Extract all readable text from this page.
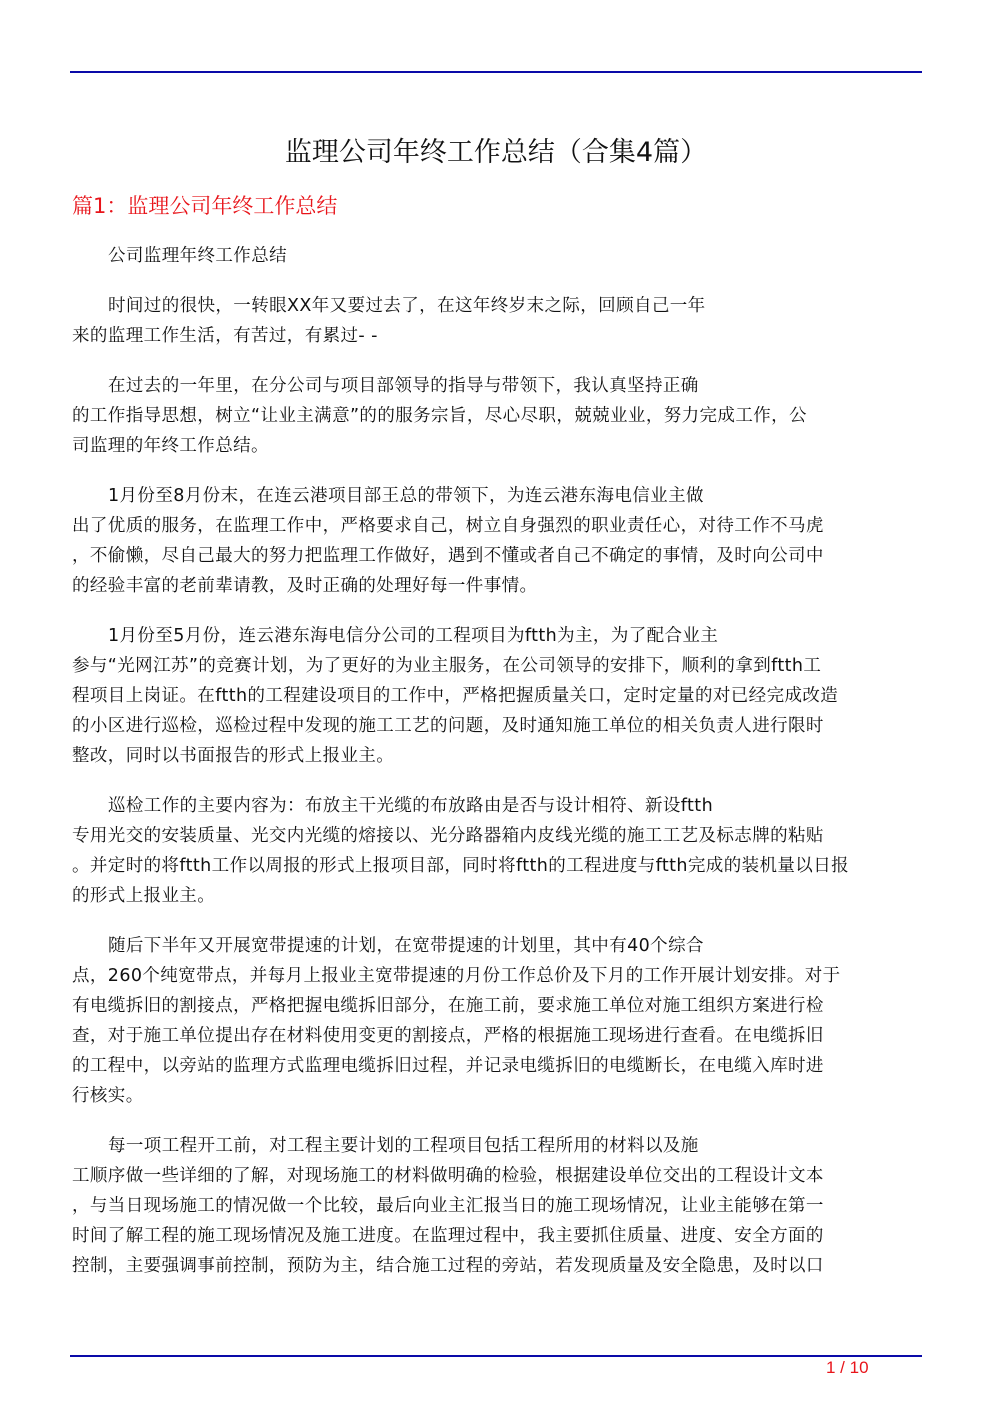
监理公司年终工作总结（合集4篇）
篇1：监理公司年终工作总结
公司监理年终工作总结
时间过的很快，一转眼XX年又要过去了，在这年终岁末之际，回顾自己一年
来的监理工作生活，有苦过，有累过- -
在过去的一年里，在分公司与项目部领导的指导与带领下，我认真坚持正确
的工作指导思想，树立“让业主满意”的的服务宗旨，尽心尽职，兢兢业业，努力完成工作，公
司监理的年终工作总结。
1月份至8月份末，在连云港项目部王总的带领下，为连云港东海电信业主做
出了优质的服务，在监理工作中，严格要求自己，树立自身强烈的职业责任心，对待工作不马虎
，不偷懒，尽自己最大的努力把监理工作做好，遇到不懂或者自己不确定的事情，及时向公司中
的经验丰富的老前辈请教，及时正确的处理好每一件事情。
1月份至5月份，连云港东海电信分公司的工程项目为ftth为主，为了配合业主
参与“光网江苏”的竞赛计划，为了更好的为业主服务，在公司领导的安排下，顺利的拿到ftth工
程项目上岗证。在ftth的工程建设项目的工作中，严格把握质量关口，定时定量的对已经完成改造
的小区进行巡检，巡检过程中发现的施工工艺的问题，及时通知施工单位的相关负责人进行限时
整改，同时以书面报告的形式上报业主。
巡检工作的主要内容为：布放主干光缆的布放路由是否与设计相符、新设ftth
专用光交的安装质量、光交内光缆的熔接以、光分路器箱内皮线光缆的施工工艺及标志牌的粘贴
。并定时的将ftth工作以周报的形式上报项目部，同时将ftth的工程进度与ftth完成的装机量以日报
的形式上报业主。
随后下半年又开展宽带提速的计划，在宽带提速的计划里，其中有40个综合
点，260个纯宽带点，并每月上报业主宽带提速的月份工作总价及下月的工作开展计划安排。对于
有电缆拆旧的割接点，严格把握电缆拆旧部分，在施工前，要求施工单位对施工组织方案进行检
查，对于施工单位提出存在材料使用变更的割接点，严格的根据施工现场进行查看。在电缆拆旧
的工程中，以旁站的监理方式监理电缆拆旧过程，并记录电缆拆旧的电缆断长，在电缆入库时进
行核实。
每一项工程开工前，对工程主要计划的工程项目包括工程所用的材料以及施
工顺序做一些详细的了解，对现场施工的材料做明确的检验，根据建设单位交出的工程设计文本
，与当日现场施工的情况做一个比较，最后向业主汇报当日的施工现场情况，让业主能够在第一
时间了解工程的施工现场情况及施工进度。在监理过程中，我主要抓住质量、进度、安全方面的
控制，主要强调事前控制，预防为主，结合施工过程的旁站，若发现质量及安全隐患，及时以口
1 / 10
